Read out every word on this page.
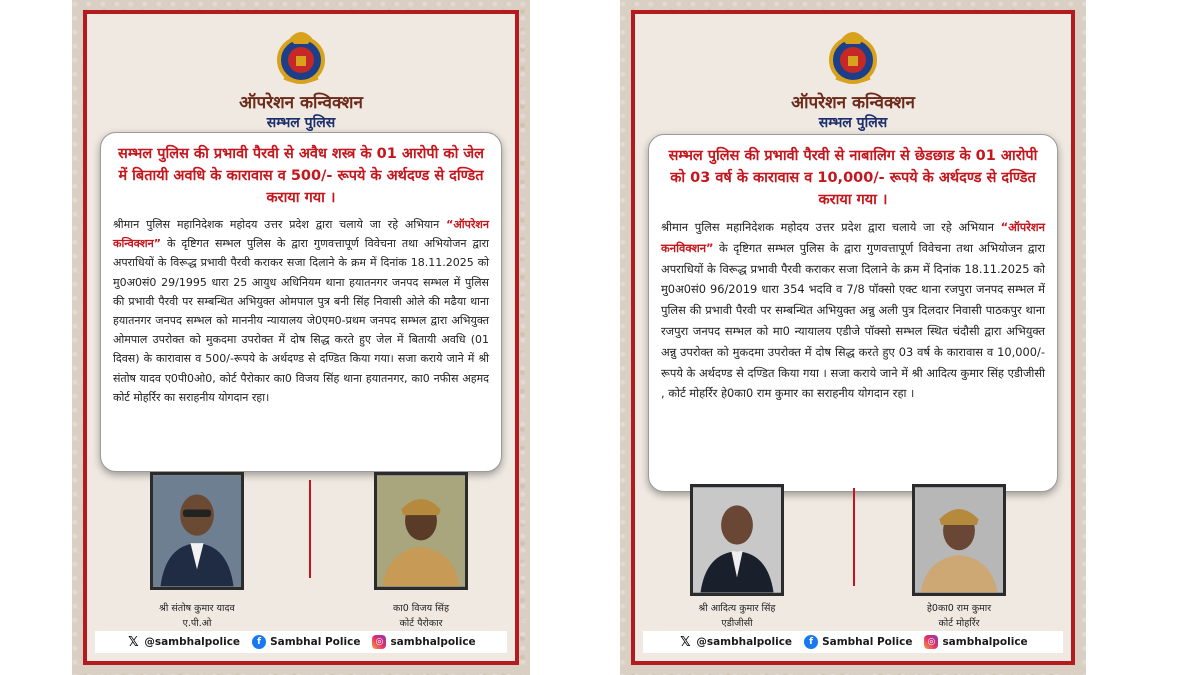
ऑपरेशन कन्विक्शन
सम्भल पुलिस
सम्भल पुलिस की प्रभावी पैरवी से अवैध शस्त्र के 01 आरोपी को जेल में बितायी अवधि के कारावास व 500/- रूपये के अर्थदण्ड से दण्डित कराया गया ।
श्रीमान पुलिस महानिदेशक महोदय उत्तर प्रदेश द्वारा चलाये जा रहे अभियान “ऑपरेशन कन्विक्शन” के दृष्टिगत सम्भल पुलिस के द्वारा गुणवत्तापूर्ण विवेचना तथा अभियोजन द्वारा अपराधियों के विरूद्ध प्रभावी पैरवी कराकर सजा दिलाने के क्रम में दिनांक 18.11.2025 को मु0अ0सं0 29/1995 धारा 25 आयुध अधिनियम थाना हयातनगर जनपद सम्भल में पुलिस की प्रभावी पैरवी पर सम्बन्धित अभियुक्त ओमपाल पुत्र बनी सिंह निवासी ओले की मढैया थाना हयातनगर जनपद सम्भल को माननीय न्यायालय जे0एम0-प्रथम जनपद सम्भल द्वारा अभियुक्त ओमपाल उपरोक्त को मुकदमा उपरोक्त में दोष सिद्ध करते हुए जेल में बितायी अवधि (01 दिवस) के कारावास व 500/-रूपये के अर्थदण्ड से दण्डित किया गया। सजा कराये जाने में श्री संतोष यादव ए0पी0ओ0, कोर्ट पैरोकार का0 विजय सिंह थाना हयातनगर, का0 नफीस अहमद कोर्ट मोहर्रिर का सराहनीय योगदान रहा।
श्री संतोष कुमार यादव
ए.पी.ओ
का0 विजय सिंह
कोर्ट पैरोकार
𝕏 @sambhalpolice	f Sambhal Police	◎ sambhalpolice
ऑपरेशन कन्विक्शन
सम्भल पुलिस
सम्भल पुलिस की प्रभावी पैरवी से नाबालिग से छेडछाड के 01 आरोपी को 03 वर्ष के कारावास व 10,000/- रूपये के अर्थदण्ड से दण्डित कराया गया ।
श्रीमान पुलिस महानिदेशक महोदय उत्तर प्रदेश द्वारा चलाये जा रहे अभियान “ऑपरेशन कनविक्शन” के दृष्टिगत सम्भल पुलिस के द्वारा गुणवत्तापूर्ण विवेचना तथा अभियोजन द्वारा अपराधियों के विरूद्ध प्रभावी पैरवी कराकर सजा दिलाने के क्रम में दिनांक 18.11.2025 को मु0अ0सं0 96/2019 धारा 354 भदवि व 7/8 पॉक्सो एक्ट थाना रजपुरा जनपद सम्भल में पुलिस की प्रभावी पैरवी पर सम्बन्धित अभियुक्त अन्नु अली पुत्र दिलदार निवासी पाठकपुर थाना रजपुरा जनपद सम्भल को मा0 न्यायालय एडीजे पॉक्सो सम्भल स्थित चंदौसी द्वारा अभियुक्त अन्नु उपरोक्त को मुकदमा उपरोक्त में दोष सिद्ध करते हुए 03 वर्ष के कारावास व 10,000/- रूपये के अर्थदण्ड से दण्डित किया गया । सजा कराये जाने में श्री आदित्य कुमार सिंह एडीजीसी , कोर्ट मोहर्रिर हे0का0 राम कुमार का सराहनीय योगदान रहा ।
श्री आदित्य कुमार सिंह
एडीजीसी
हे0का0 राम कुमार
कोर्ट मोहर्रिर
𝕏 @sambhalpolice	f Sambhal Police	◎ sambhalpolice
